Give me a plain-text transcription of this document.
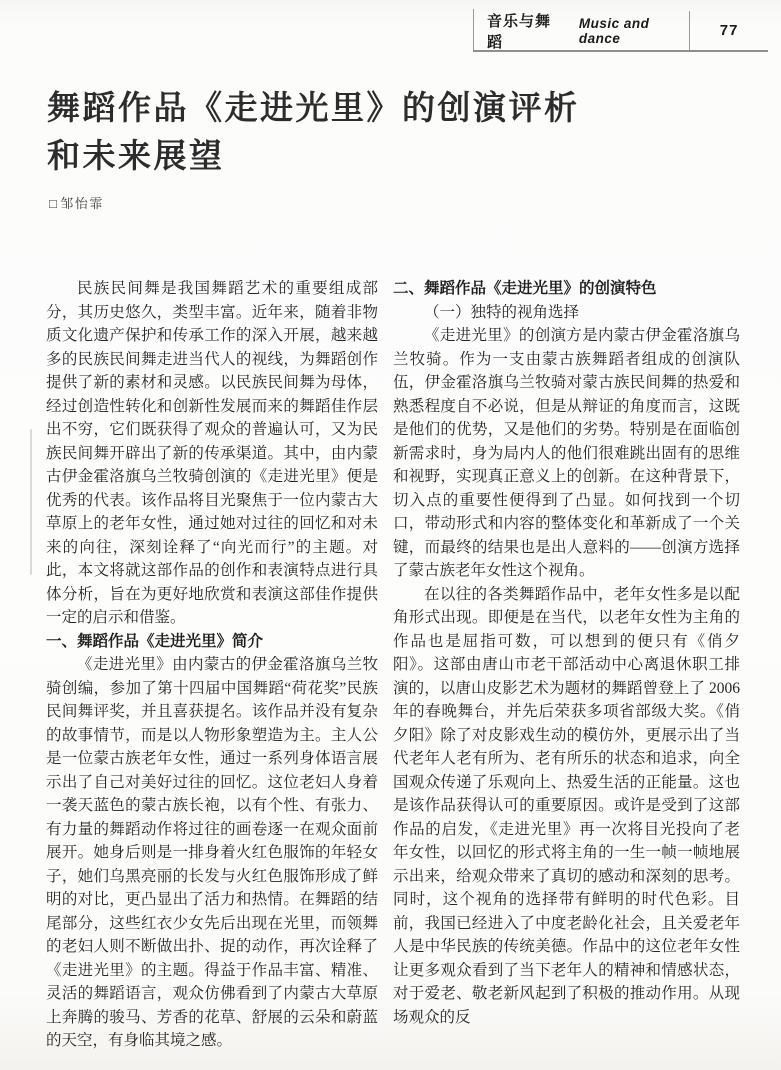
音乐与舞蹈
Music and dance	77
舞蹈作品《走进光里》的创演评析
和未来展望
□ 邹怡霏

民族民间舞是我国舞蹈艺术的重要组成部分，其历史悠久，类型丰富。近年来，随着非物质文化遗产保护和传承工作的深入开展，越来越多的民族民间舞走进当代人的视线，为舞蹈创作提供了新的素材和灵感。以民族民间舞为母体，经过创造性转化和创新性发展而来的舞蹈佳作层出不穷，它们既获得了观众的普遍认可，又为民族民间舞开辟出了新的传承渠道。其中，由内蒙古伊金霍洛旗乌兰牧骑创演的《走进光里》便是优秀的代表。该作品将目光聚焦于一位内蒙古大草原上的老年女性，通过她对过往的回忆和对未来的向往，深刻诠释了“向光而行”的主题。对此，本文将就这部作品的创作和表演特点进行具体分析，旨在为更好地欣赏和表演这部佳作提供一定的启示和借鉴。

一、舞蹈作品《走进光里》简介

《走进光里》由内蒙古的伊金霍洛旗乌兰牧骑创编，参加了第十四届中国舞蹈“荷花奖”民族民间舞评奖，并且喜获提名。该作品并没有复杂的故事情节，而是以人物形象塑造为主。主人公是一位蒙古族老年女性，通过一系列身体语言展示出了自己对美好过往的回忆。这位老妇人身着一袭天蓝色的蒙古族长袍，以有个性、有张力、有力量的舞蹈动作将过往的画卷逐一在观众面前展开。她身后则是一排身着火红色服饰的年轻女子，她们乌黑亮丽的长发与火红色服饰形成了鲜明的对比，更凸显出了活力和热情。在舞蹈的结尾部分，这些红衣少女先后出现在光里，而领舞的老妇人则不断做出扑、捉的动作，再次诠释了《走进光里》的主题。得益于作品丰富、精准、灵活的舞蹈语言，观众仿佛看到了内蒙古大草原上奔腾的骏马、芳香的花草、舒展的云朵和蔚蓝的天空，有身临其境之感。

二、舞蹈作品《走进光里》的创演特色
（一）独特的视角选择

《走进光里》的创演方是内蒙古伊金霍洛旗乌兰牧骑。作为一支由蒙古族舞蹈者组成的创演队伍，伊金霍洛旗乌兰牧骑对蒙古族民间舞的热爱和熟悉程度自不必说，但是从辩证的角度而言，这既是他们的优势，又是他们的劣势。特别是在面临创新需求时，身为局内人的他们很难跳出固有的思维和视野，实现真正意义上的创新。在这种背景下，切入点的重要性便得到了凸显。如何找到一个切口，带动形式和内容的整体变化和革新成了一个关键，而最终的结果也是出人意料的——创演方选择了蒙古族老年女性这个视角。

在以往的各类舞蹈作品中，老年女性多是以配角形式出现。即便是在当代，以老年女性为主角的作品也是屈指可数，可以想到的便只有《俏夕阳》。这部由唐山市老干部活动中心离退休职工排演的，以唐山皮影艺术为题材的舞蹈曾登上了 2006 年的春晚舞台，并先后荣获多项省部级大奖。《俏夕阳》除了对皮影戏生动的模仿外，更展示出了当代老年人老有所为、老有所乐的状态和追求，向全国观众传递了乐观向上、热爱生活的正能量。这也是该作品获得认可的重要原因。或许是受到了这部作品的启发，《走进光里》再一次将目光投向了老年女性，以回忆的形式将主角的一生一帧一帧地展示出来，给观众带来了真切的感动和深刻的思考。同时，这个视角的选择带有鲜明的时代色彩。目前，我国已经进入了中度老龄化社会，且关爱老年人是中华民族的传统美德。作品中的这位老年女性让更多观众看到了当下老年人的精神和情感状态，对于爱老、敬老新风起到了积极的推动作用。从现场观众的反
